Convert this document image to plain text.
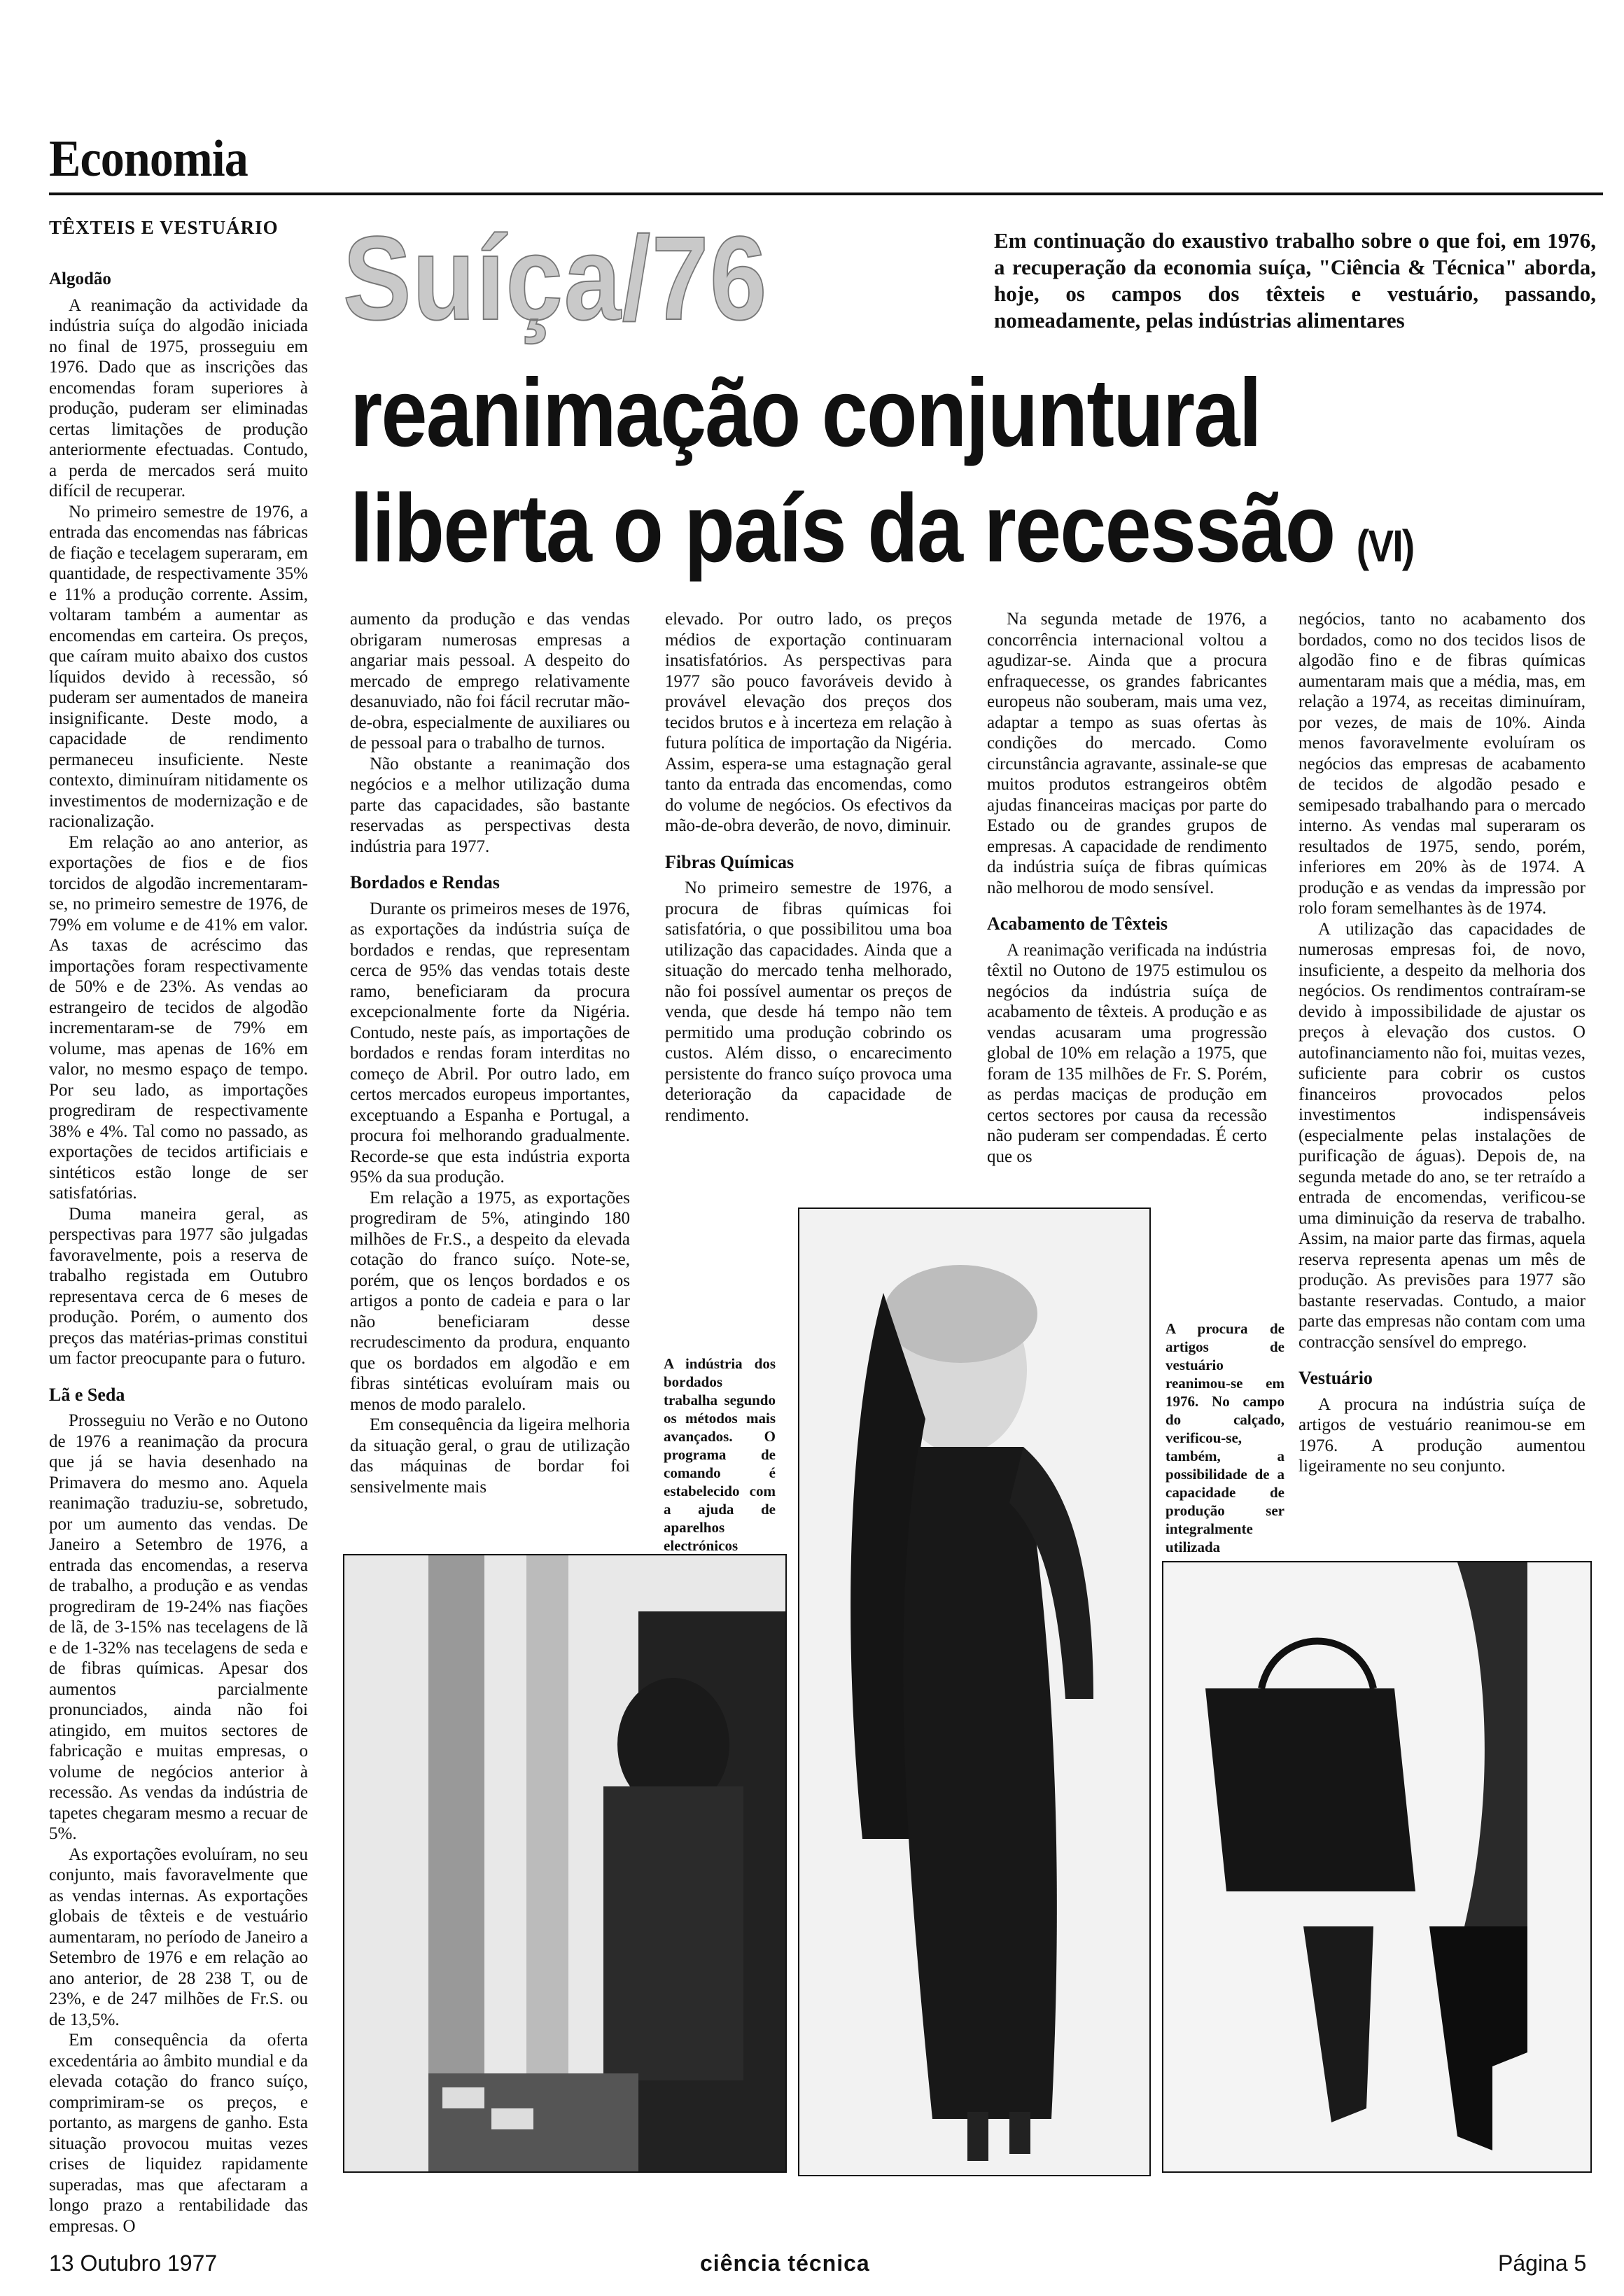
Economia
TÊXTEIS E VESTUÁRIO Suíça/76	Em continuação do exaustivo trabalho sobre o que foi, em 1976, a recuperação da economia suíça, "Ciência & Técnica" aborda, hoje, os campos dos têxteis e vestuário, passando, nomeadamente, pelas indústrias alimentares
reanimação conjuntural
liberta o país da recessão (VI)
Algodão

A reanimação da actividade da indústria suíça do algodão iniciada no final de 1975, prosseguiu em 1976. Dado que as inscrições das encomendas foram superiores à produção, puderam ser eliminadas certas limitações de produção anteriormente efectuadas. Contudo, a perda de mercados será muito difícil de recuperar.

No primeiro semestre de 1976, a entrada das encomendas nas fábricas de fiação e tecelagem superaram, em quantidade, de respectivamente 35% e 11% a produção corrente. Assim, voltaram também a aumentar as encomendas em carteira. Os preços, que caíram muito abaixo dos custos líquidos devido à recessão, só puderam ser aumentados de maneira insignificante. Deste modo, a capacidade de rendimento permaneceu insuficiente. Neste contexto, diminuíram nitidamente os investimentos de modernização e de racionalização.

Em relação ao ano anterior, as exportações de fios e de fios torcidos de algodão incrementaram-se, no primeiro semestre de 1976, de 79% em volume e de 41% em valor. As taxas de acréscimo das importações foram respectivamente de 50% e de 23%. As vendas ao estrangeiro de tecidos de algodão incrementaram-se de 79% em volume, mas apenas de 16% em valor, no mesmo espaço de tempo. Por seu lado, as importações progrediram de respectivamente 38% e 4%. Tal como no passado, as exportações de tecidos artificiais e sintéticos estão longe de ser satisfatórias.

Duma maneira geral, as perspectivas para 1977 são julgadas favoravelmente, pois a reserva de trabalho registada em Outubro representava cerca de 6 meses de produção. Porém, o aumento dos preços das matérias-primas constitui um factor preocupante para o futuro.

Lã e Seda

Prosseguiu no Verão e no Outono de 1976 a reanimação da procura que já se havia desenhado na Primavera do mesmo ano. Aquela reanimação traduziu-se, sobretudo, por um aumento das vendas. De Janeiro a Setembro de 1976, a entrada das encomendas, a reserva de trabalho, a produção e as vendas progrediram de 19-24% nas fiações de lã, de 3-15% nas tecelagens de lã e de 1-32% nas tecelagens de seda e de fibras químicas. Apesar dos aumentos parcialmente pronunciados, ainda não foi atingido, em muitos sectores de fabricação e muitas empresas, o volume de negócios anterior à recessão. As vendas da indústria de tapetes chegaram mesmo a recuar de 5%.

As exportações evoluíram, no seu conjunto, mais favoravelmente que as vendas internas. As exportações globais de têxteis e de vestuário aumentaram, no período de Janeiro a Setembro de 1976 e em relação ao ano anterior, de 28 238 T, ou de 23%, e de 247 milhões de Fr.S. ou de 13,5%.

Em consequência da oferta excedentária ao âmbito mundial e da elevada cotação do franco suíço, comprimiram-se os preços, e portanto, as margens de ganho. Esta situação provocou muitas vezes crises de liquidez rapidamente superadas, mas que afectaram a longo prazo a rentabilidade das empresas. O

aumento da produção e das vendas obrigaram numerosas empresas a angariar mais pessoal. A despeito do mercado de emprego relativamente desanuviado, não foi fácil recrutar mão-de-obra, especialmente de auxiliares ou de pessoal para o trabalho de turnos.

Não obstante a reanimação dos negócios e a melhor utilização duma parte das capacidades, são bastante reservadas as perspectivas desta indústria para 1977.

Bordados e Rendas

Durante os primeiros meses de 1976, as exportações da indústria suíça de bordados e rendas, que representam cerca de 95% das vendas totais deste ramo, beneficiaram da procura excepcionalmente forte da Nigéria. Contudo, neste país, as importações de bordados e rendas foram interditas no começo de Abril. Por outro lado, em certos mercados europeus importantes, exceptuando a Espanha e Portugal, a procura foi melhorando gradualmente. Recorde-se que esta indústria exporta 95% da sua produção.

Em relação a 1975, as exportações progrediram de 5%, atingindo 180 milhões de Fr.S., a despeito da elevada cotação do franco suíço. Note-se, porém, que os lenços bordados e os artigos a ponto de cadeia e para o lar não beneficiaram desse recrudescimento da produra, enquanto que os bordados em algodão e em fibras sintéticas evoluíram mais ou menos de modo paralelo.

Em consequência da ligeira melhoria da situação geral, o grau de utilização das máquinas de bordar foi sensivelmente mais

elevado. Por outro lado, os preços médios de exportação continuaram insatisfatórios. As perspectivas para 1977 são pouco favoráveis devido à provável elevação dos preços dos tecidos brutos e à incerteza em relação à futura política de importação da Nigéria. Assim, espera-se uma estagnação geral tanto da entrada das encomendas, como do volume de negócios. Os efectivos da mão-de-obra deverão, de novo, diminuir.

Fibras Químicas

No primeiro semestre de 1976, a procura de fibras químicas foi satisfatória, o que possibilitou uma boa utilização das capacidades. Ainda que a situação do mercado tenha melhorado, não foi possível aumentar os preços de venda, que desde há tempo não tem permitido uma produção cobrindo os custos. Além disso, o encarecimento persistente do franco suíço provoca uma deterioração da capacidade de rendimento.

Na segunda metade de 1976, a concorrência internacional voltou a agudizar-se. Ainda que a procura enfraquecesse, os grandes fabricantes europeus não souberam, mais uma vez, adaptar a tempo as suas ofertas às condições do mercado. Como circunstância agravante, assinale-se que muitos produtos estrangeiros obtêm ajudas financeiras maciças por parte do Estado ou de grandes grupos de empresas. A capacidade de rendimento da indústria suíça de fibras químicas não melhorou de modo sensível.

Acabamento de Têxteis

A reanimação verificada na indústria têxtil no Outono de 1975 estimulou os negócios da indústria suíça de acabamento de têxteis. A produção e as vendas acusaram uma progressão global de 10% em relação a 1975, que foram de 135 milhões de Fr. S. Porém, as perdas maciças de produção em certos sectores por causa da recessão não puderam ser compendadas. É certo que os

negócios, tanto no acabamento dos bordados, como no dos tecidos lisos de algodão fino e de fibras químicas aumentaram mais que a média, mas, em relação a 1974, as receitas diminuíram, por vezes, de mais de 10%. Ainda menos favoravelmente evoluíram os negócios das empresas de acabamento de tecidos de algodão pesado e semipesado trabalhando para o mercado interno. As vendas mal superaram os resultados de 1975, sendo, porém, inferiores em 20% às de 1974. A produção e as vendas da impressão por rolo foram semelhantes às de 1974.

A utilização das capacidades de numerosas empresas foi, de novo, insuficiente, a despeito da melhoria dos negócios. Os rendimentos contraíram-se devido à impossibilidade de ajustar os preços à elevação dos custos. O autofinanciamento não foi, muitas vezes, suficiente para cobrir os custos financeiros provocados pelos investimentos indispensáveis (especialmente pelas instalações de purificação de águas). Depois de, na segunda metade do ano, se ter retraído a entrada de encomendas, verificou-se uma diminuição da reserva de trabalho. Assim, na maior parte das firmas, aquela reserva representa apenas um mês de produção. As previsões para 1977 são bastante reservadas. Contudo, a maior parte das empresas não contam com uma contracção sensível do emprego.

Vestuário

A procura na indústria suíça de artigos de vestuário reanimou-se em 1976. A produção aumentou ligeiramente no seu conjunto.

A indústria dos bordados trabalha segundo os métodos mais avançados. O programa de comando é estabelecido com a ajuda de aparelhos electrónicos
A procura de artigos de vestuário reanimou-se em 1976. No campo do calçado, verificou-se, também, a possibilidade de a capacidade de produção ser integralmente utilizada
13 Outubro 1977	ciência técnica	Página 5
